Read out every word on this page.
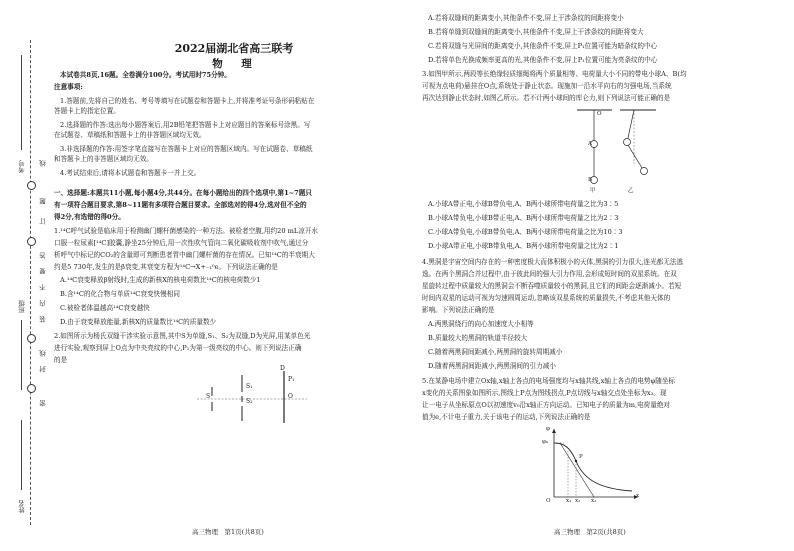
考号 线
题
班级
订
答
要
不
内
装
线
封
密
姓名
2022届湖北省高三联考
物　理
本试卷共8页,16题。全卷满分100分。考试用时75分钟。
注意事项:
1.答题前,先将自己的姓名、考号等填写在试题卷和答题卡上,并将准考证号条形码粘贴在
答题卡上的指定位置。
2.选择题的作答:选出每小题答案后,用2B铅笔把答题卡上对应题目的答案标号涂黑。写
在试题卷、草稿纸和答题卡上的非答题区域均无效。
3.非选择题的作答:用签字笔直接写在答题卡上对应的答题区域内。写在试题卷、草稿纸
和答题卡上的非答题区域均无效。
4.考试结束后,请将本试题卷和答题卡一并上交。
一、选择题:本题共11小题,每小题4分,共44分。在每小题给出的四个选项中,第1~7题只
有一项符合题目要求,第8~11题有多项符合题目要求。全部选对的得4分,选对但不全的
得2分,有选错的得0分。
1.¹⁴C呼气试验是临床用于检测幽门螺杆菌感染的一种方法。被检者空腹,用约20 mL凉开水
口服一粒尿素[¹⁴C]胶囊,静坐25分钟后,用一次性吹气管向二氧化碳吸收剂中吹气,通过分
析呼气中标记的CO₂的含量即可判断患者胃中幽门螺杆菌的存在情况。已知¹⁴C的半衰期大
约是5 730年,发生的是β衰变,其衰变方程为¹⁴C→X+₋₁⁰e。下列说法正确的是
A.¹⁴C衰变释放β射线时,生成的新核X的核电荷数比¹⁴C的核电荷数少1
B.含¹⁴C的化合物与单质¹⁴C衰变快慢相同
C.被检者体温越高¹⁴C衰变越快
D.由于衰变释放能量,新核X的质量数比¹⁴C的质量数少
2.如图所示为杨氏双缝干涉实验示意图,其中S为单缝,S₁、S₂为双缝,D为光屏,用某单色光
进行实验,观察到屏上O点为中央亮纹的中心,P₁为第一级亮纹的中心。则下列说法正确
的是
S
S₁
S₂
D
P₁
O
高三物理　第1页(共8页)
A.若将双缝间的距离变小,其他条件不变,屏上干涉条纹的间距将变小
B.若将单缝到双缝间的距离变小,其他条件不变,屏上干涉条纹的间距将变大
C.若将双缝与光屏间的距离变小,其他条件不变,屏上P₁位置可能为暗条纹的中心
D.若将单色光换成频率更高的光,其他条件不变,屏上P₁位置可能为亮条纹的中心
3.如图甲所示,两段等长绝缘轻质细绳将两个质量相等、电荷量大小不同的带电小球A、B(均
可视为点电荷)悬挂在O点,系统处于静止状态。现施加一沿水平向右的匀强电场,当系统
再次达到静止状态时,如图乙所示。若不计两小球间的库仑力,则下列说法可能正确的是
O
A
B
甲	乙
A.小球A带正电,小球B带负电,A、B两小球所带电荷量之比为3∶5
B.小球A带负电,小球B带正电,A、B两小球所带电荷量之比为2∶3
C.小球A带负电,小球B带负电,A、B两小球所带电荷量之比为10∶3
D.小球A带正电,小球B带负电,A、B两小球所带电荷量之比为2∶1
4.黑洞是宇宙空间内存在的一种密度极大而体积极小的天体,黑洞的引力很大,连光都无法逃
逸。在两个黑洞合并过程中,由于彼此间的强大引力作用,会形成短时间的双星系统。在双
星旋转过程中质量较大的黑洞会不断吞噬质量较小的黑洞,且它们的间距会逐渐减小。若短
时间内双星的运动可视为匀速圆周运动,忽略该双星系统的质量损失,不考虑其他天体的
影响。下列说法正确的是
A.两黑洞绕行的向心加速度大小相等
B.质量较大的黑洞的轨道半径较大
C.随着两黑洞间距减小,两黑洞的旋转周期减小
D.随着两黑洞间距减小,两黑洞间的引力减小
5.在某静电场中建立Ox轴,x轴上各点的电场强度均与x轴共线,x轴上各点的电势φ随坐标
x变化的关系图象如图所示,图线上P点为图线拐点,P点切线与x轴交点处坐标为x₃。现
让一电子从坐标原点O以初速度v₀沿x轴正方向运动。已知电子的质量为m,电荷量绝对
值为e,不计电子重力,关于该电子的运动,下列说法正确的是
φ
φ₀
P
O	x₁ x₂ x₃
x
高三物理　第2页(共8页)
